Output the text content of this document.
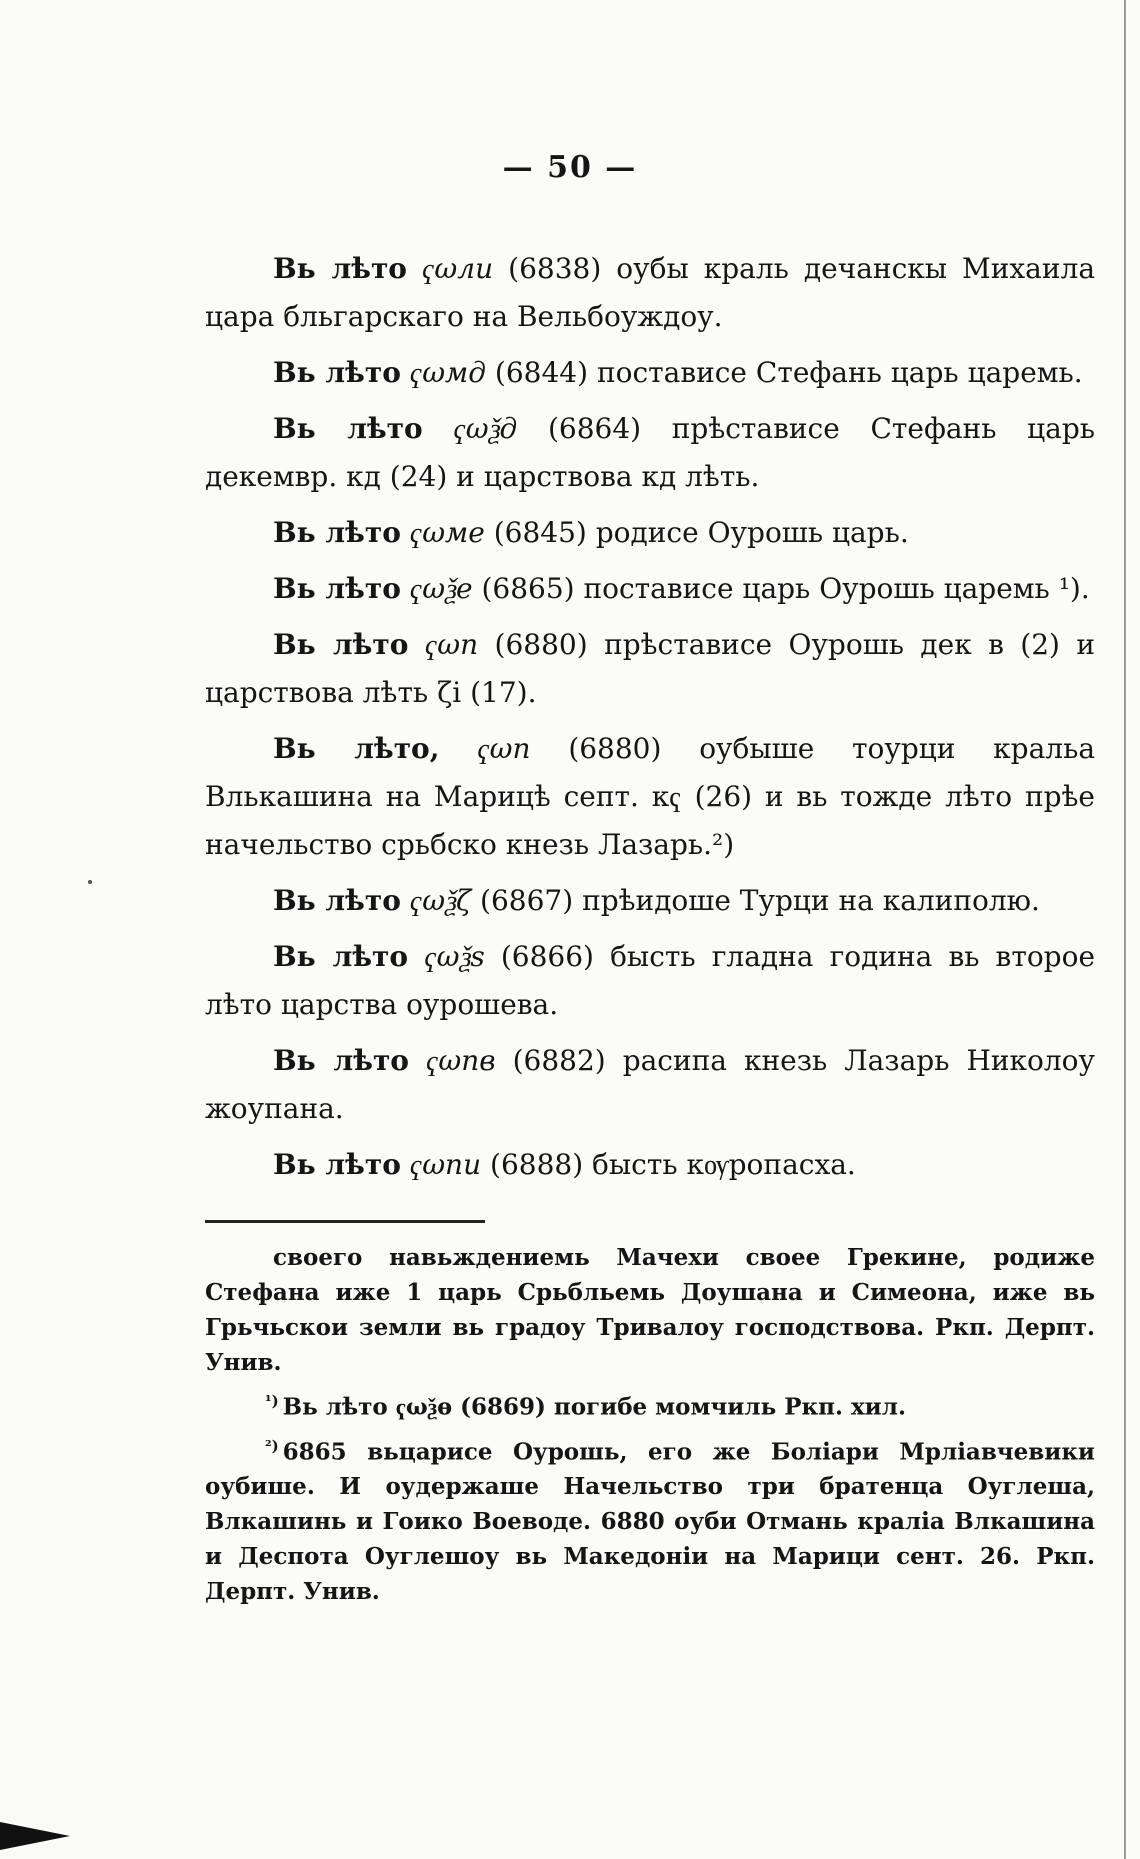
— 50 —

Вь лѣто ҁωли (6838) оубы краль дечанскы Михаила цара бльгарскаго на Вельбоуждоу.

Вь лѣто ҁωмд (6844) постависе Стефань царь царемь.

Вь лѣто ҁωѯд (6864) прѣстависе Стефань царь декемвр. кд (24) и царствова кд лѣть.

Вь лѣто ҁωме (6845) родисе Оурошь царь.

Вь лѣто ҁωѯе (6865) постависе царь Оурошь царемь ¹).

Вь лѣто ҁωп (6880) прѣстависе Оурошь дек в (2) и царствова лѣть ζі (17).

Вь лѣто, ҁωп (6880) оубыше тоурци кральа Влькашина на Марицѣ септ. кҁ (26) и вь тождe лѣто прѣе начельство срьбско кнезь Лазарь.²)

Вь лѣто ҁωѯζ (6867) прѣидоше Турци на калиполю.

Вь лѣто ҁωѯѕ (6866) бысть гладна година вь второе лѣто царства оурошева.

Вь лѣто ҁωпв (6882) расипа кнезь Лазарь Николоу жоупана.

Вь лѣто ҁωпи (6888) бысть кѹропасха.

своего навьждениемь Мачехи своее Грекине, родиже Стефана иже 1 царь Срьбльемь Доушана и Симеона, иже вь Грьчьскои земли вь градоу Тривалоу господствова. Ркп. Дерпт. Унив.

$^{^1)}$ Вь лѣто ҁωѯѳ (6869) погибе момчиль Ркп. хил.

$^{^2)}$ 6865 вьцарисе Оурошь, его же Боліари Мрліавчевики оубише. И оудержаше Начельство три братенца Оуглеша, Влкашинь и Гоико Воеводе. 6880 оуби Отмань кралiа Влкашина и Деспота Оуглешоу вь Македоніи на Марици сент. 26. Ркп. Дерпт. Унив.
